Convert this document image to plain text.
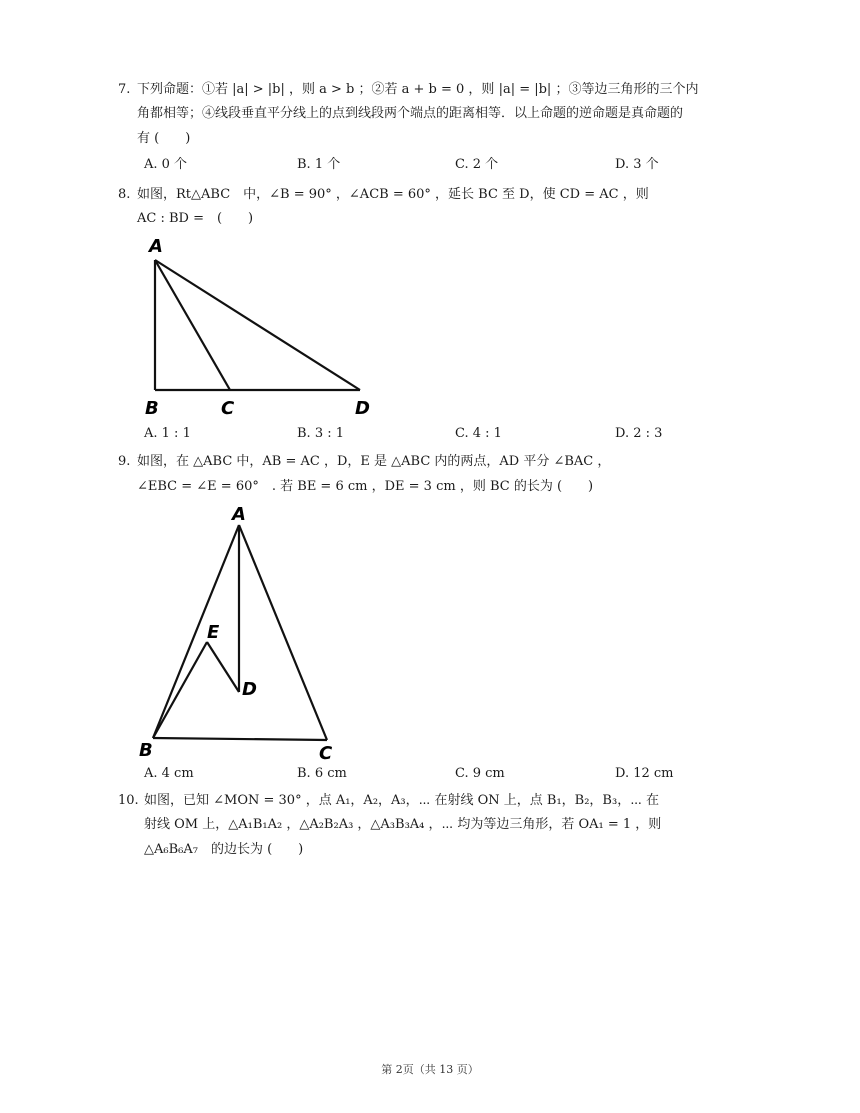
7. 下列命题：①若 |a| > |b| ，则 a > b ；②若 a + b = 0 ，则 |a| = |b| ；③等边三角形的三个内
角都相等；④线段垂直平分线上的点到线段两个端点的距离相等．以上命题的逆命题是真命题的
有 (　　)
A. 0 个	B. 1 个	C. 2 个	D. 3 个
8. 如图，Rt△ABC　中，∠B = 90° ，∠ACB = 60° ，延长 BC 至 D，使 CD = AC ，则
AC : BD =　(　　)
A
B	C	D
A. 1 : 1	B. 3 : 1	C. 4 : 1	D. 2 : 3
9. 如图，在 △ABC 中，AB = AC ，D，E 是 △ABC 内的两点，AD 平分 ∠BAC ，
∠EBC = ∠E = 60°　. 若 BE = 6 cm ，DE = 3 cm ，则 BC 的长为 (　　)
A
B	C
D
E
A. 4 cm	B. 6 cm	C. 9 cm	D. 12 cm
10. 如图，已知 ∠MON = 30° ，点 A₁，A₂，A₃，⋯ 在射线 ON 上，点 B₁，B₂，B₃，⋯ 在
射线 OM 上，△A₁B₁A₂ ，△A₂B₂A₃ ，△A₃B₃A₄ ，⋯ 均为等边三角形，若 OA₁ = 1 ，则
△A₆B₆A₇　的边长为 (　　)
第 2页（共 13 页）
